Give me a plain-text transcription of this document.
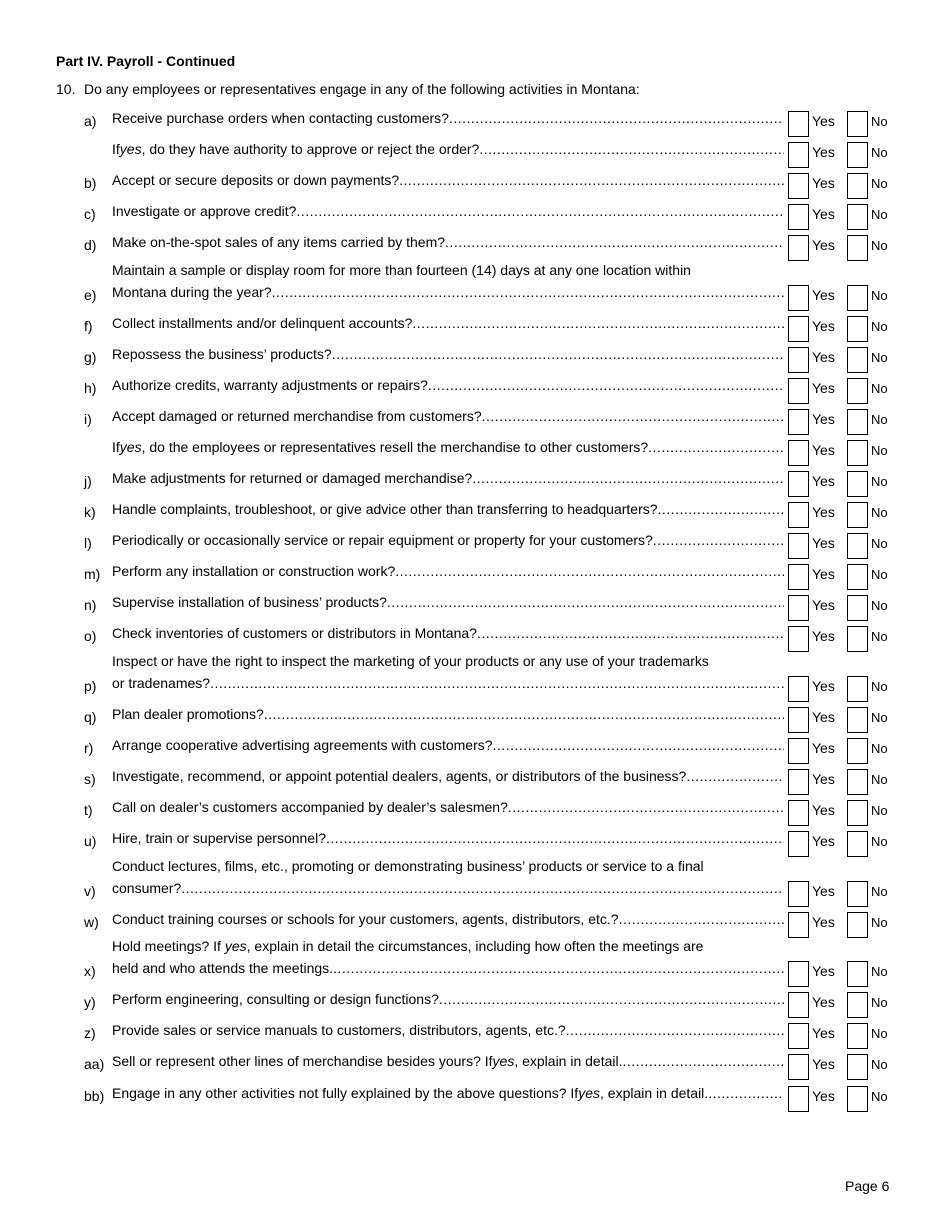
Part IV. Payroll - Continued
10. Do any employees or representatives engage in any of the following activities in Montana:
a)	Receive purchase orders when contacting customers? .....	Yes	No
If yes , do they have authority to approve or reject the order? .....	Yes	No
b)	Accept or secure deposits or down payments? .....	Yes	No
c)	Investigate or approve credit? .....	Yes	No
d)	Make on-the-spot sales of any items carried by them? .....	Yes	No
e)
Maintain a sample or display room for more than fourteen (14) days at any one location within
Montana during the year? .....	Yes	No
f)	Collect installments and/or delinquent accounts? .....	Yes	No
g)	Repossess the business’ products? .....	Yes	No
h)	Authorize credits, warranty adjustments or repairs? .....	Yes	No
i)	Accept damaged or returned merchandise from customers? .....	Yes	No
If yes , do the employees or representatives resell the merchandise to other customers? .....	Yes	No
j)	Make adjustments for returned or damaged merchandise? .....	Yes	No
k)	Handle complaints, troubleshoot, or give advice other than transferring to headquarters? .....	Yes	No
l)	Periodically or occasionally service or repair equipment or property for your customers? .....	Yes	No
m) Perform any installation or construction work? .....	Yes	No
n)	Supervise installation of business’ products? .....	Yes	No
o)	Check inventories of customers or distributors in Montana? .....	Yes	No
p)
Inspect or have the right to inspect the marketing of your products or any use of your trademarks
or tradenames? .....	Yes	No
q)	Plan dealer promotions? .....	Yes	No
r)	Arrange cooperative advertising agreements with customers? .....	Yes	No
s)	Investigate, recommend, or appoint potential dealers, agents, or distributors of the business? .....	Yes	No
t)	Call on dealer’s customers accompanied by dealer’s salesmen? .....	Yes	No
u)	Hire, train or supervise personnel? .....	Yes	No
v)
Conduct lectures, films, etc., promoting or demonstrating business’ products or service to a final
consumer? .....	Yes	No
w) Conduct training courses or schools for your customers, agents, distributors, etc.? .....	Yes	No
x)
Hold meetings? If yes, explain in detail the circumstances, including how often the meetings are
held and who attends the meetings. .....	Yes	No
y)	Perform engineering, consulting or design functions? .....	Yes	No
z)	Provide sales or service manuals to customers, distributors, agents, etc.? .....	Yes	No
aa) Sell or represent other lines of merchandise besides yours? If yes , explain in detail. .....	Yes	No
bb) Engage in any other activities not fully explained by the above questions? If yes , explain in detail. .....	Yes	No
Page 6
